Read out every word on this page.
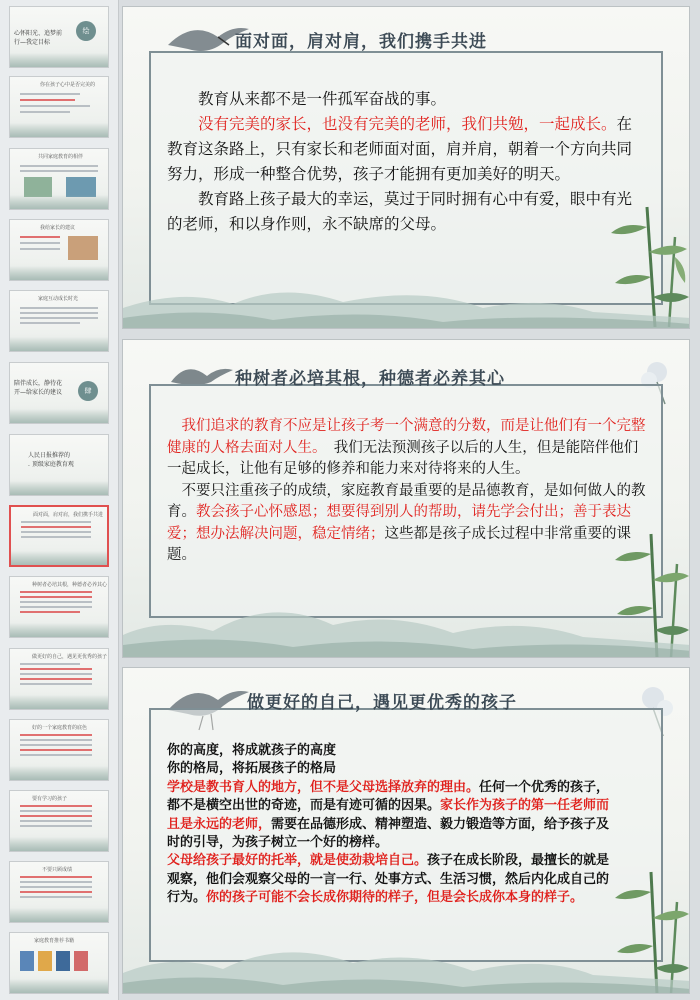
心怀阳光、追梦前
行—我定目标
绘
你在孩子心中是否完美的
共同家庭教育的相伴
我给家长的建议
家庭互动成长时光
陪伴成长，静待花
开—给家长的建议	肆
人民日报推荐的
. 顶级家庭教育观
面对面，肩对肩，我们携手共进
种树者必培其根，种德者必养其心
做更好的自己，遇见更优秀的孩子
好的一个家庭教育的底色
要有学习的孩子
不要只顾成绩
家庭教育推荐书籍
面对面，肩对肩，我们携手共进

　　教育从来都不是一件孤军奋战的事。

　　没有完美的家长，也没有完美的老师，我们共勉，一起成长。在教育这条路上，只有家长和老师面对面，肩并肩，朝着一个方向共同努力，形成一种整合优势，孩子才能拥有更加美好的明天。

　　教育路上孩子最大的幸运，莫过于同时拥有心中有爱，眼中有光的老师，和以身作则，永不缺席的父母。

种树者必培其根，种德者必养其心

　我们追求的教育不应是让孩子考一个满意的分数，而是让他们有一个完整健康的人格去面对人生。　我们无法预测孩子以后的人生，但是能陪伴他们一起成长，让他有足够的修养和能力来对待将来的人生。

　不要只注重孩子的成绩，家庭教育最重要的是品德教育，是如何做人的教育。教会孩子心怀感恩；想要得到别人的帮助，请先学会付出；善于表达爱；想办法解决问题，稳定情绪；这些都是孩子成长过程中非常重要的课题。

做更好的自己，遇见更优秀的孩子

你的高度，将成就孩子的高度

你的格局，将拓展孩子的格局

学校是教书育人的地方，但不是父母选择放弃的理由。任何一个优秀的孩子，都不是横空出世的奇迹，而是有迹可循的因果。家长作为孩子的第一任老师而且是永远的老师，需要在品德形成、精神塑造、毅力锻造等方面，给予孩子及时的引导，为孩子树立一个好的榜样。

父母给孩子最好的托举，就是使劲栽培自己。孩子在成长阶段，最擅长的就是观察，他们会观察父母的一言一行、处事方式、生活习惯，然后内化成自己的行为。你的孩子可能不会长成你期待的样子，但是会长成你本身的样子。
